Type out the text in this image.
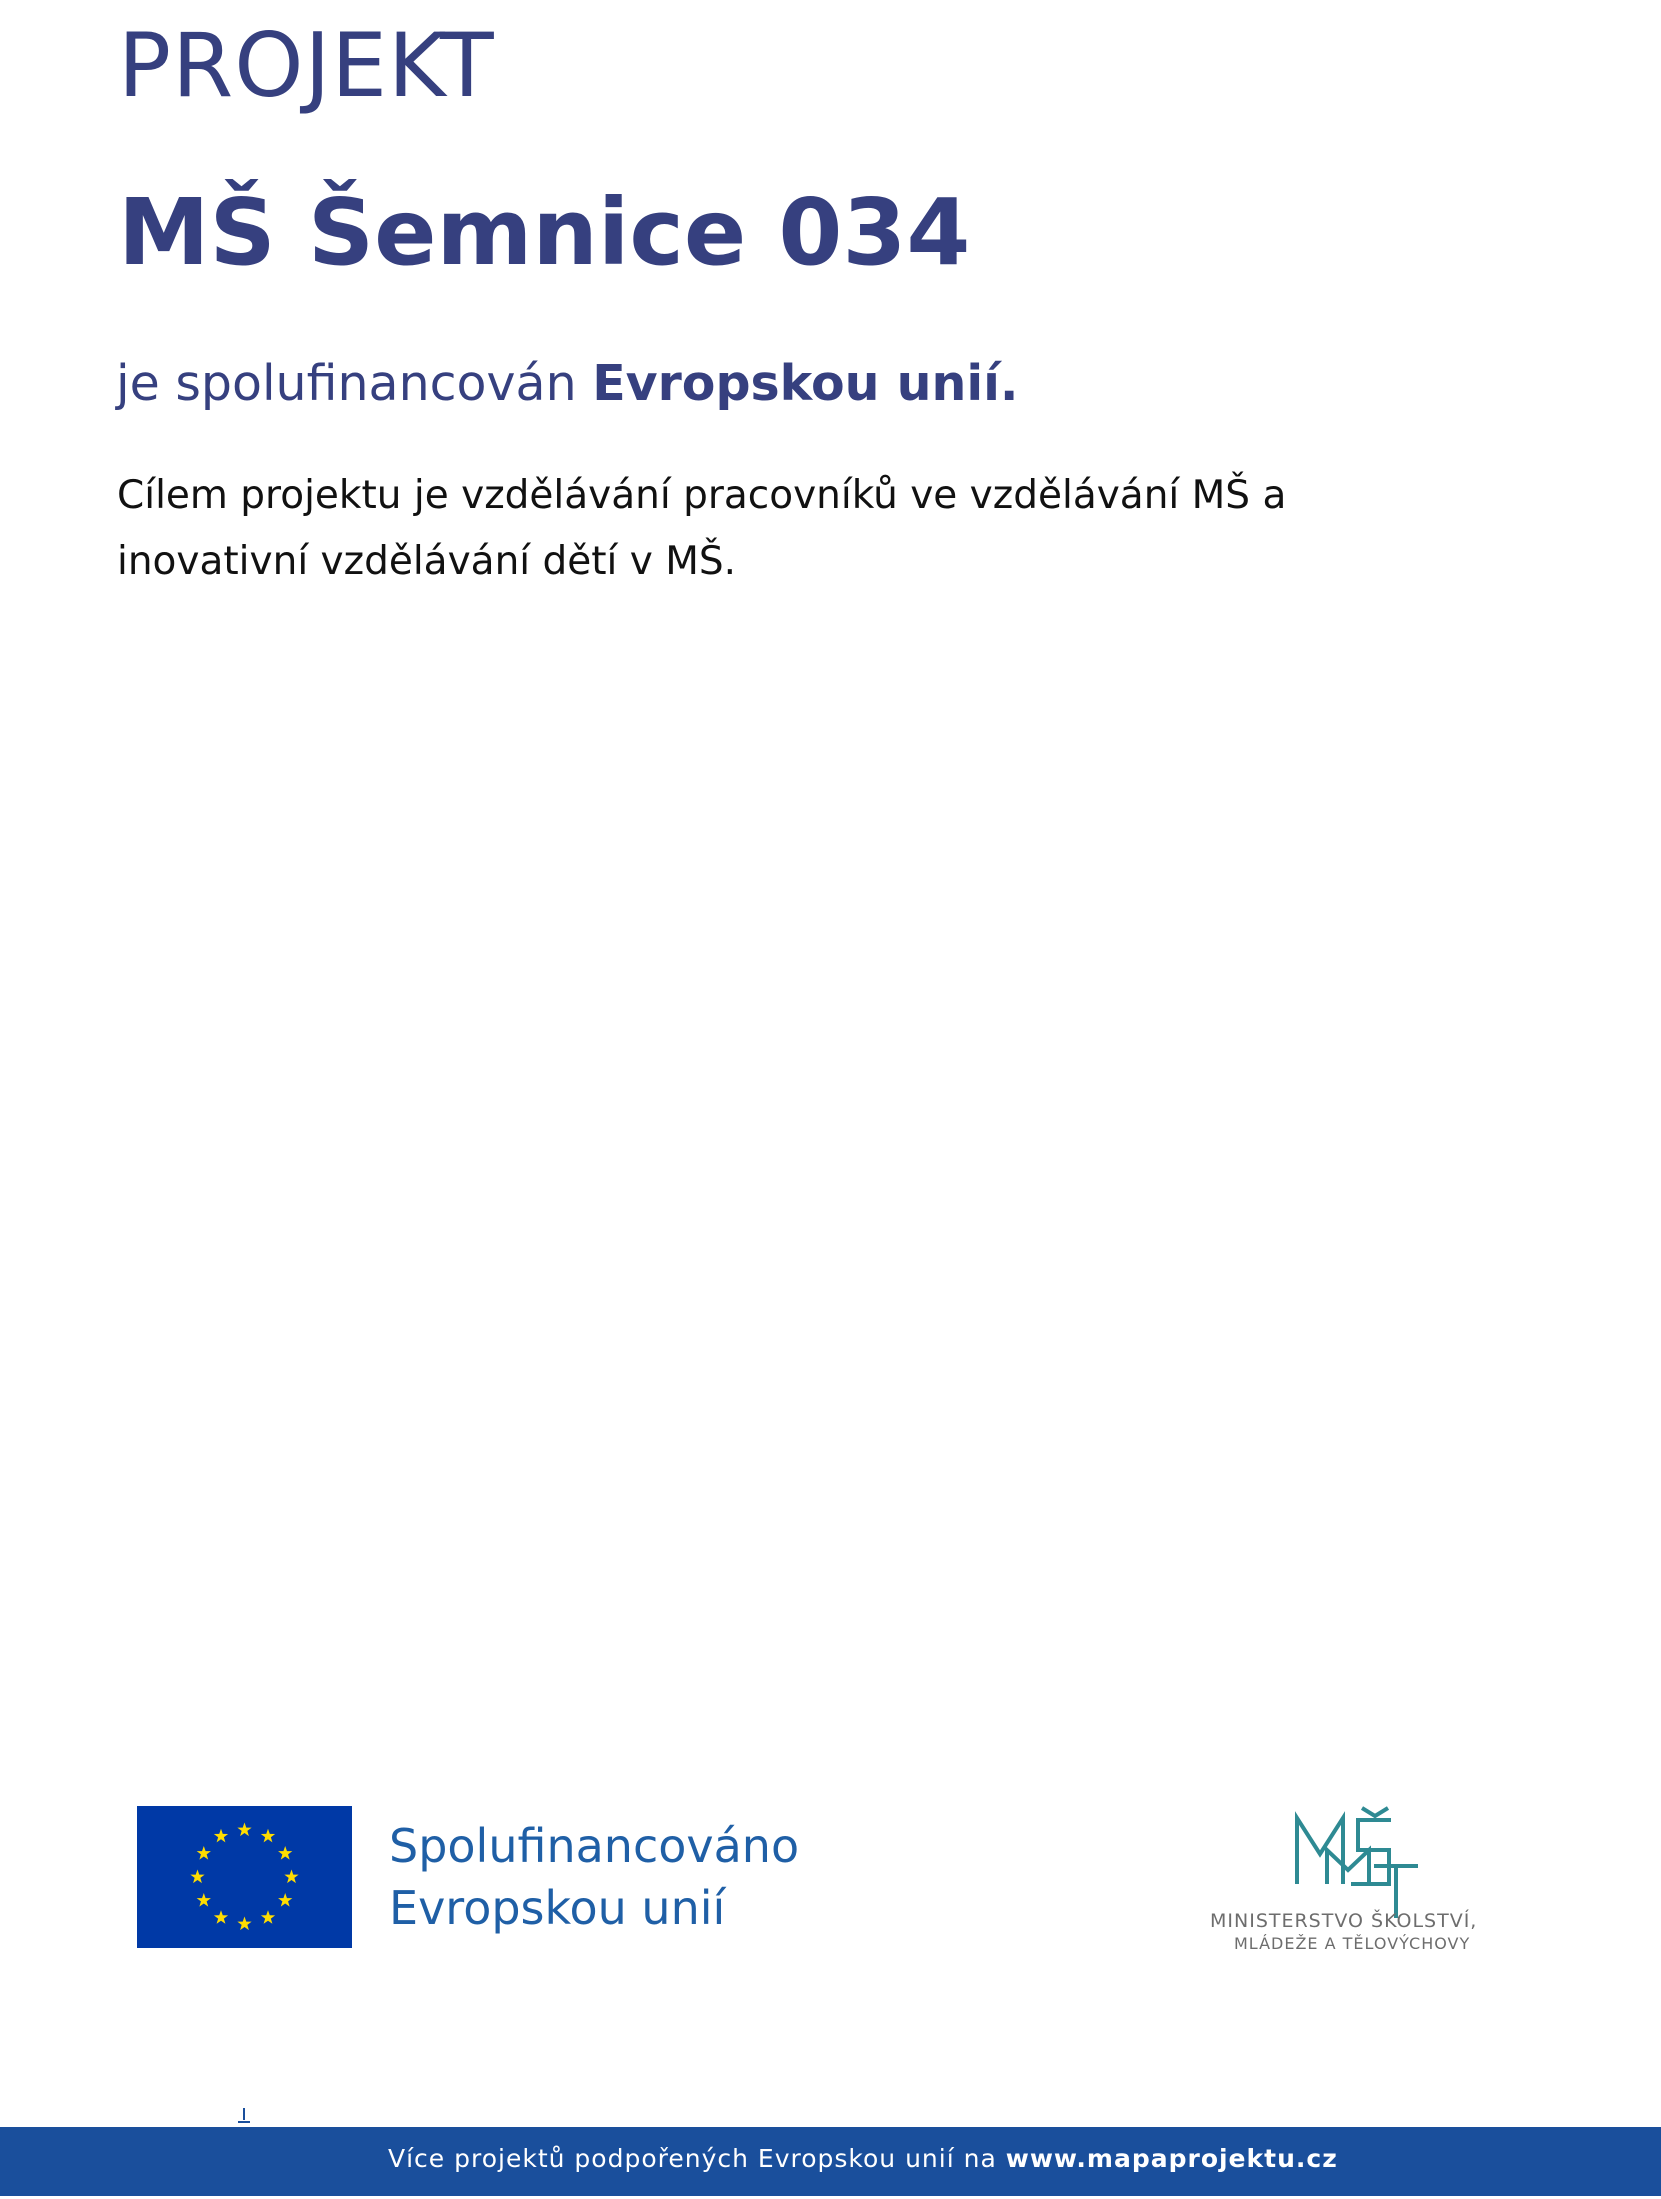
PROJEKT
MŠ Šemnice 034

je spolufinancován Evropskou unií.

Cílem projektu je vzdělávání pracovníků ve vzdělávání MŠ a inovativní vzdělávání dětí v MŠ.

Spolufinancováno
Evropskou unií	MINISTERSTVO ŠKOLSTVÍ,

MLÁDEŽE A TĚLOVÝCHOVY

Více projektů podpořených Evropskou unií na www.mapaprojektu.cz
